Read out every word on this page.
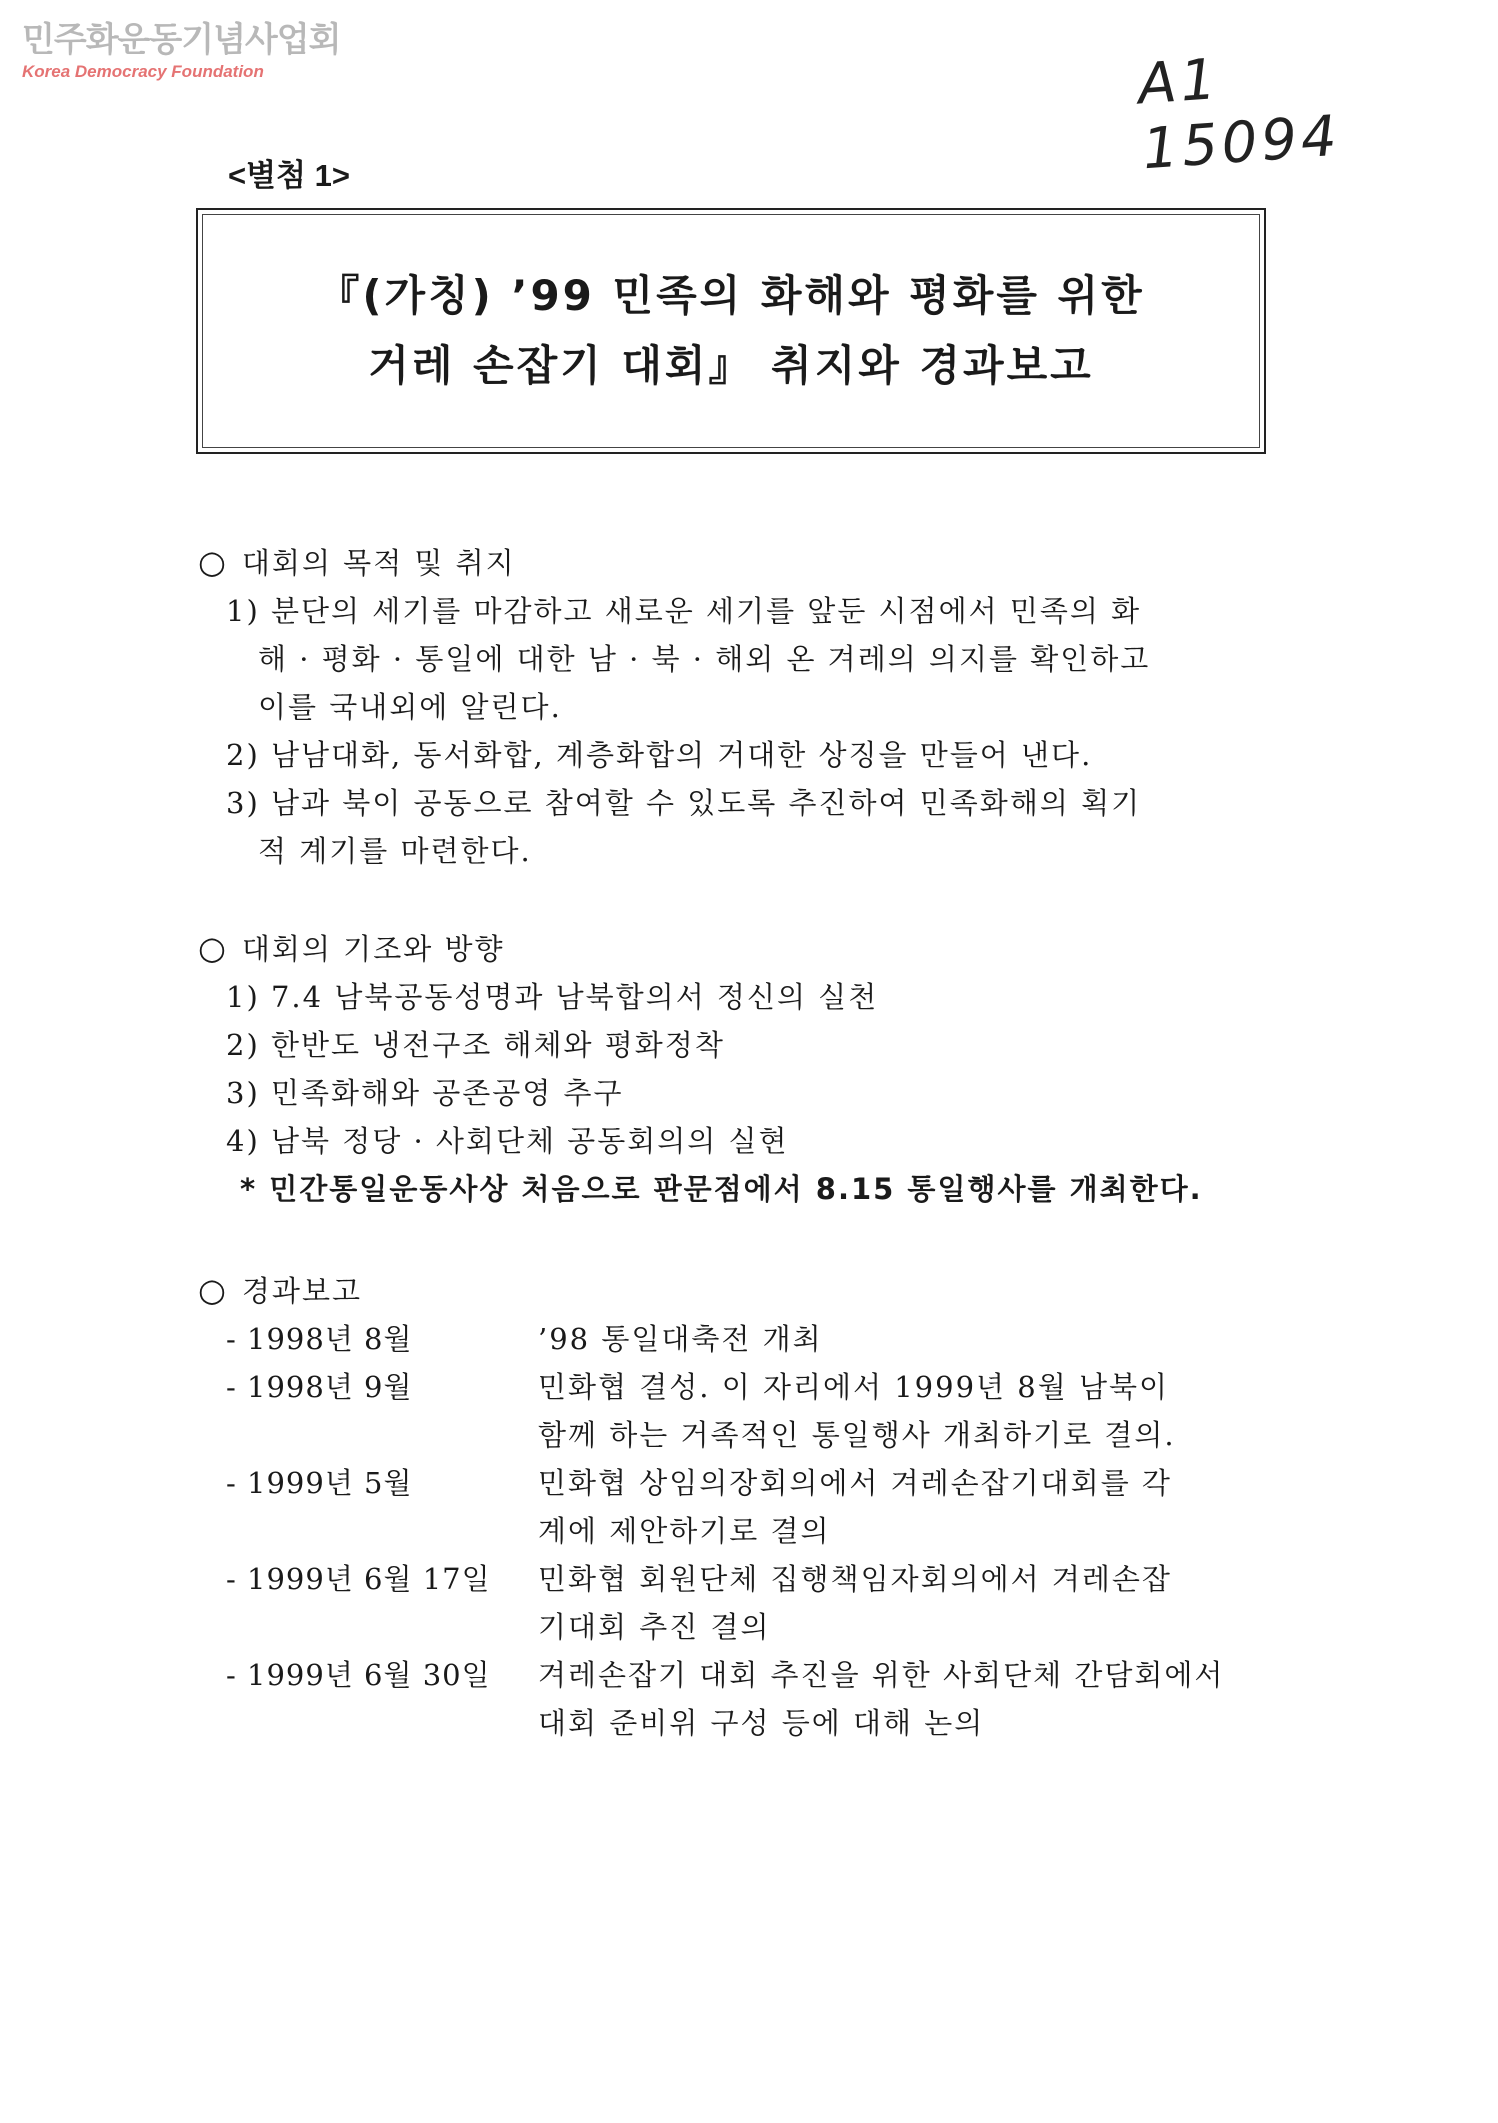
민주화운동기념사업회
Korea Democracy Foundation	A1 15094
<별첨 1>
『(가칭) ’99 민족의 화해와 평화를 위한
거레 손잡기 대회』 취지와 경과보고
○ 대회의 목적 및 취지
1) 분단의 세기를 마감하고 새로운 세기를 앞둔 시점에서 민족의 화
해 · 평화 · 통일에 대한 남 · 북 · 해외 온 겨레의 의지를 확인하고
이를 국내외에 알린다.
2) 남남대화, 동서화합, 계층화합의 거대한 상징을 만들어 낸다.
3) 남과 북이 공동으로 참여할 수 있도록 추진하여 민족화해의 획기
적 계기를 마련한다.
○ 대회의 기조와 방향
1) 7.4 남북공동성명과 남북합의서 정신의 실천
2) 한반도 냉전구조 해체와 평화정착
3) 민족화해와 공존공영 추구
4) 남북 정당 · 사회단체 공동회의의 실현
* 민간통일운동사상 처음으로 판문점에서 8.15 통일행사를 개최한다.
○ 경과보고
- 1998년 8월	’98 통일대축전 개최
- 1998년 9월	민화협 결성. 이 자리에서 1999년 8월 남북이
함께 하는 거족적인 통일행사 개최하기로 결의.
- 1999년 5월	민화협 상임의장회의에서 겨레손잡기대회를 각
계에 제안하기로 결의
- 1999년 6월 17일	민화협 회원단체 집행책임자회의에서 겨레손잡
기대회 추진 결의
- 1999년 6월 30일	겨레손잡기 대회 추진을 위한 사회단체 간담회에서
대회 준비위 구성 등에 대해 논의
